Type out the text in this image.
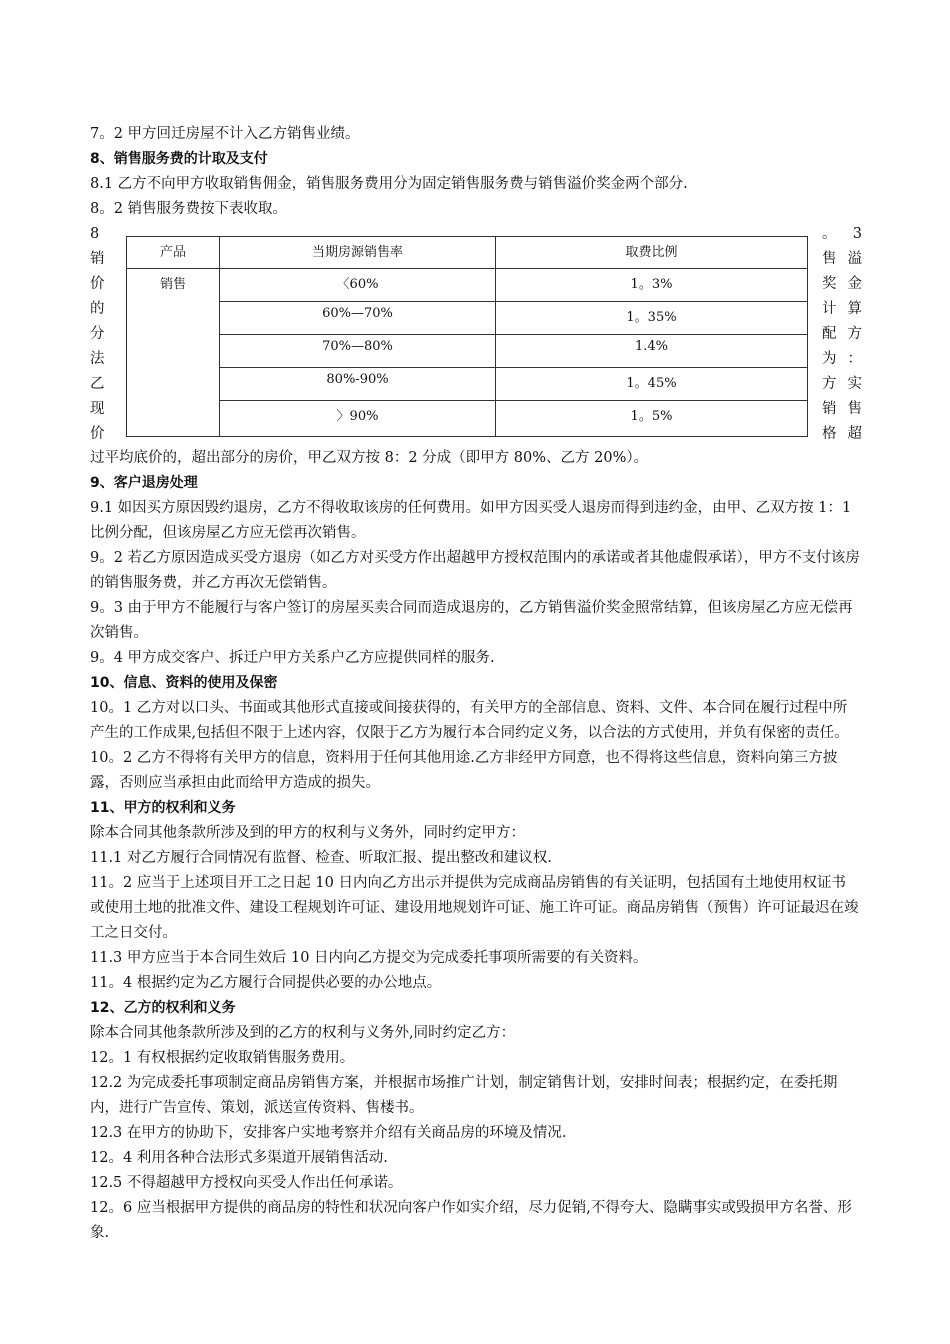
7。2 甲方回迁房屋不计入乙方销售业绩。
8、销售服务费的计取及支付
8.1 乙方不向甲方收取销售佣金，销售服务费用分为固定销售服务费与销售溢价奖金两个部分.
8。2 销售服务费按下表收取。
8
销
价
的
分
法
乙
现
价
。 3
售 溢
奖 金
计 算
配 方
为 ：
方 实
销 售
格 超
产品	当期房源销售率	取费比例
销售	〈60%	1。3%
	60%—70%	1。35%
	70%—80%	1.4%
	80%-90%	1。45%
	〉90%	1。5%
过平均底价的，超出部分的房价，甲乙双方按 8：2 分成（即甲方 80%、乙方 20%）。
9、客户退房处理
9.1 如因买方原因毁约退房，乙方不得收取该房的任何费用。如甲方因买受人退房而得到违约金，由甲、乙双方按 1：1 比例分配，但该房屋乙方应无偿再次销售。
9。2 若乙方原因造成买受方退房（如乙方对买受方作出超越甲方授权范围内的承诺或者其他虚假承诺），甲方不支付该房的销售服务费，并乙方再次无偿销售。
9。3 由于甲方不能履行与客户签订的房屋买卖合同而造成退房的，乙方销售溢价奖金照常结算，但该房屋乙方应无偿再次销售。
9。4 甲方成交客户、拆迁户甲方关系户乙方应提供同样的服务.
10、信息、资料的使用及保密
10。1 乙方对以口头、书面或其他形式直接或间接获得的，有关甲方的全部信息、资料、文件、本合同在履行过程中所产生的工作成果,包括但不限于上述内容，仅限于乙方为履行本合同约定义务，以合法的方式使用，并负有保密的责任。
10。2 乙方不得将有关甲方的信息，资料用于任何其他用途.乙方非经甲方同意，也不得将这些信息，资料向第三方披露，否则应当承担由此而给甲方造成的损失。
11、甲方的权利和义务
除本合同其他条款所涉及到的甲方的权利与义务外，同时约定甲方：
11.1 对乙方履行合同情况有监督、检查、听取汇报、提出整改和建议权.
11。2 应当于上述项目开工之日起 10 日内向乙方出示并提供为完成商品房销售的有关证明，包括国有土地使用权证书或使用土地的批准文件、建设工程规划许可证、建设用地规划许可证、施工许可证。商品房销售（预售）许可证最迟在竣工之日交付。
11.3 甲方应当于本合同生效后 10 日内向乙方提交为完成委托事项所需要的有关资料。
11。4 根据约定为乙方履行合同提供必要的办公地点。
12、乙方的权利和义务
除本合同其他条款所涉及到的乙方的权利与义务外,同时约定乙方：
12。1 有权根据约定收取销售服务费用。
12.2 为完成委托事项制定商品房销售方案，并根据市场推广计划，制定销售计划，安排时间表；根据约定，在委托期内，进行广告宣传、策划，派送宣传资料、售楼书。
12.3 在甲方的协助下，安排客户实地考察并介绍有关商品房的环境及情况.
12。4 利用各种合法形式多渠道开展销售活动.
12.5 不得超越甲方授权向买受人作出任何承诺。
12。6 应当根据甲方提供的商品房的特性和状况向客户作如实介绍，尽力促销,不得夸大、隐瞒事实或毁损甲方名誉、形象.
